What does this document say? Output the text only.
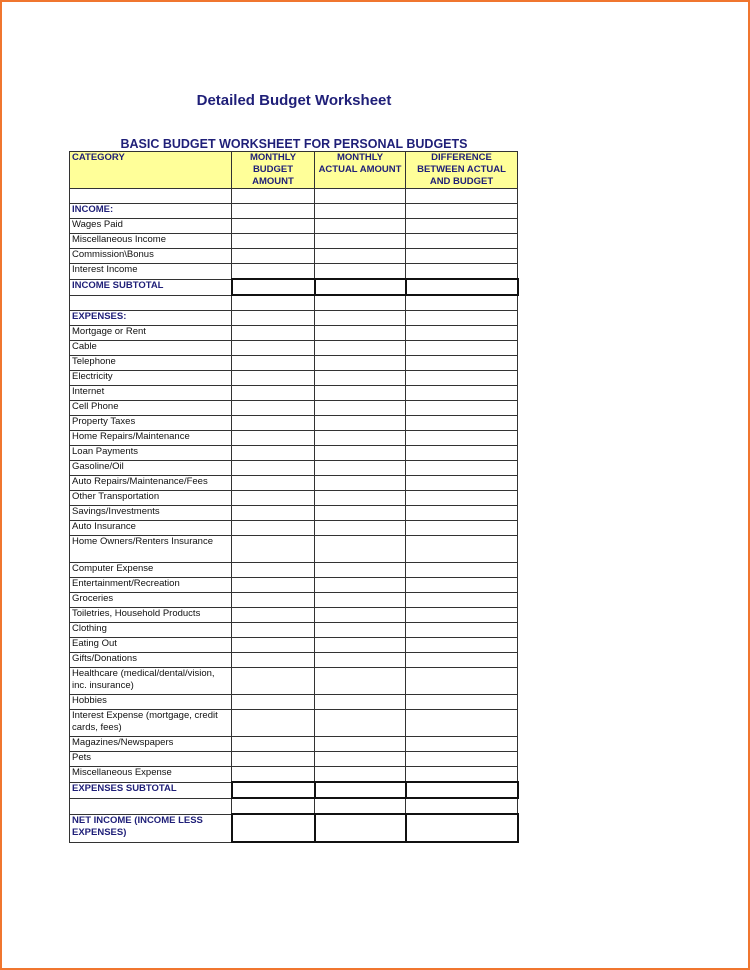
Detailed Budget Worksheet
BASIC BUDGET WORKSHEET FOR PERSONAL BUDGETS
CATEGORY	MONTHLY BUDGET AMOUNT	MONTHLY ACTUAL AMOUNT	DIFFERENCE BETWEEN ACTUAL AND BUDGET

INCOME:			
Wages Paid			
Miscellaneous Income			
Commission\Bonus			
Interest Income			
INCOME SUBTOTAL			

EXPENSES:			
Mortgage or Rent			
Cable			
Telephone			
Electricity			
Internet			
Cell Phone			
Property Taxes			
Home Repairs/Maintenance			
Loan Payments			
Gasoline/Oil			
Auto Repairs/Maintenance/Fees			
Other Transportation			
Savings/Investments			
Auto Insurance			
Home Owners/Renters Insurance			
Computer Expense			
Entertainment/Recreation			
Groceries			
Toiletries, Household Products			
Clothing			
Eating Out			
Gifts/Donations			
Healthcare (medical/dental/vision, inc. insurance)			
Hobbies			
Interest Expense (mortgage, credit cards, fees)			
Magazines/Newspapers			
Pets			
Miscellaneous Expense			
EXPENSES SUBTOTAL			

NET INCOME (INCOME LESS EXPENSES)			
